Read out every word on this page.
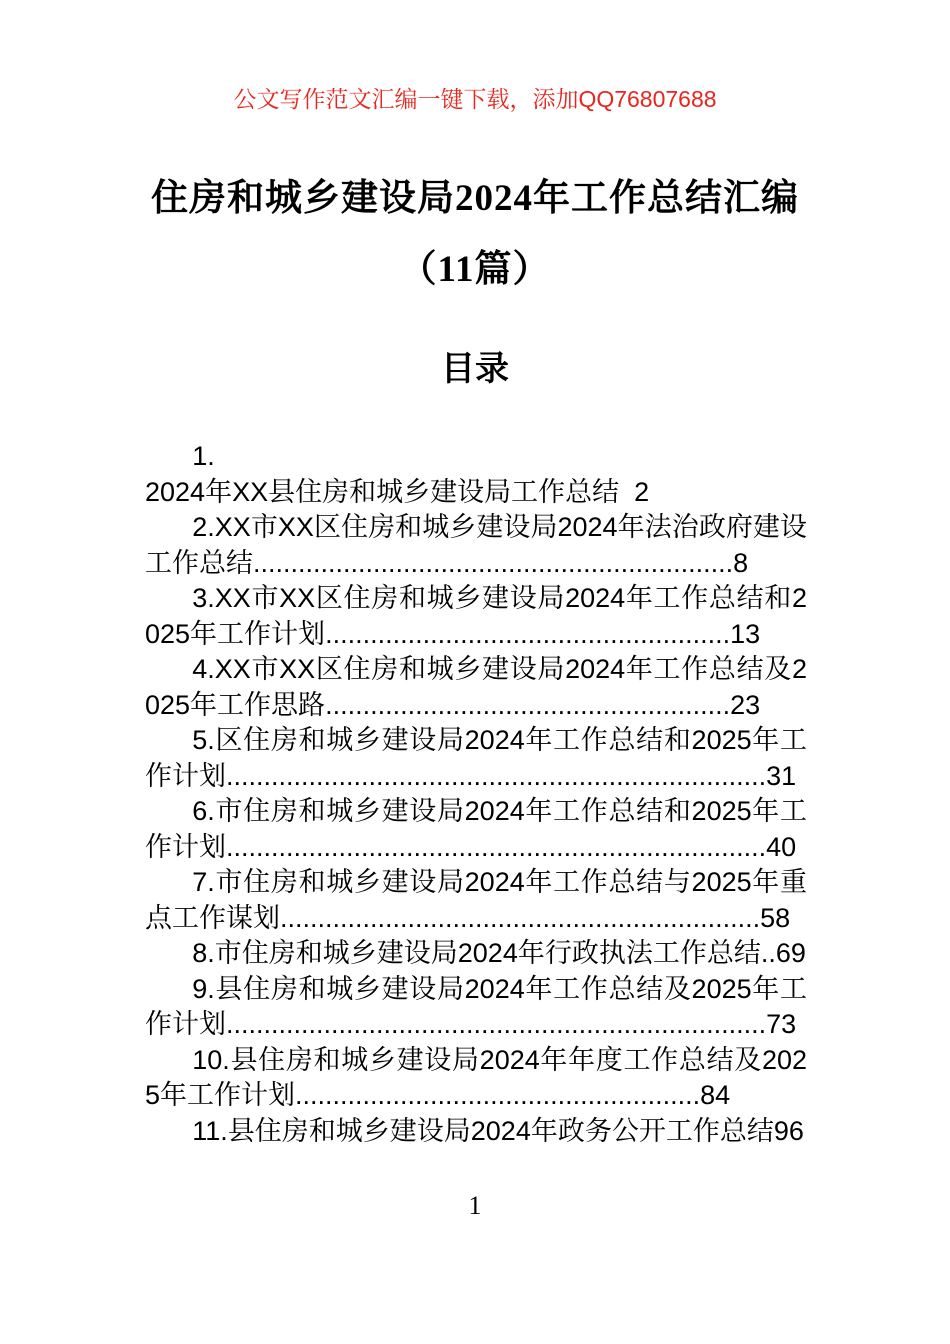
公文写作范文汇编一键下载，添加QQ76807688
住房和城乡建设局2024年工作总结汇编
（11篇）
目录

1.
2024年XX县住房和城乡建设局工作总结 2

2.XX市XX区住房和城乡建设局2024年法治政府建设工作总结................................................................8

3.XX市XX区住房和城乡建设局2024年工作总结和2025年工作计划......................................................13

4.XX市XX区住房和城乡建设局2024年工作总结及2025年工作思路......................................................23

5.区住房和城乡建设局2024年工作总结和2025年工作计划........................................................................31

6.市住房和城乡建设局2024年工作总结和2025年工作计划........................................................................40

7.市住房和城乡建设局2024年工作总结与2025年重点工作谋划................................................................58

8.市住房和城乡建设局2024年行政执法工作总结..69

9.县住房和城乡建设局2024年工作总结及2025年工作计划........................................................................73

10.县住房和城乡建设局2024年年度工作总结及2025年工作计划......................................................84

11.县住房和城乡建设局2024年政务公开工作总结96

1
